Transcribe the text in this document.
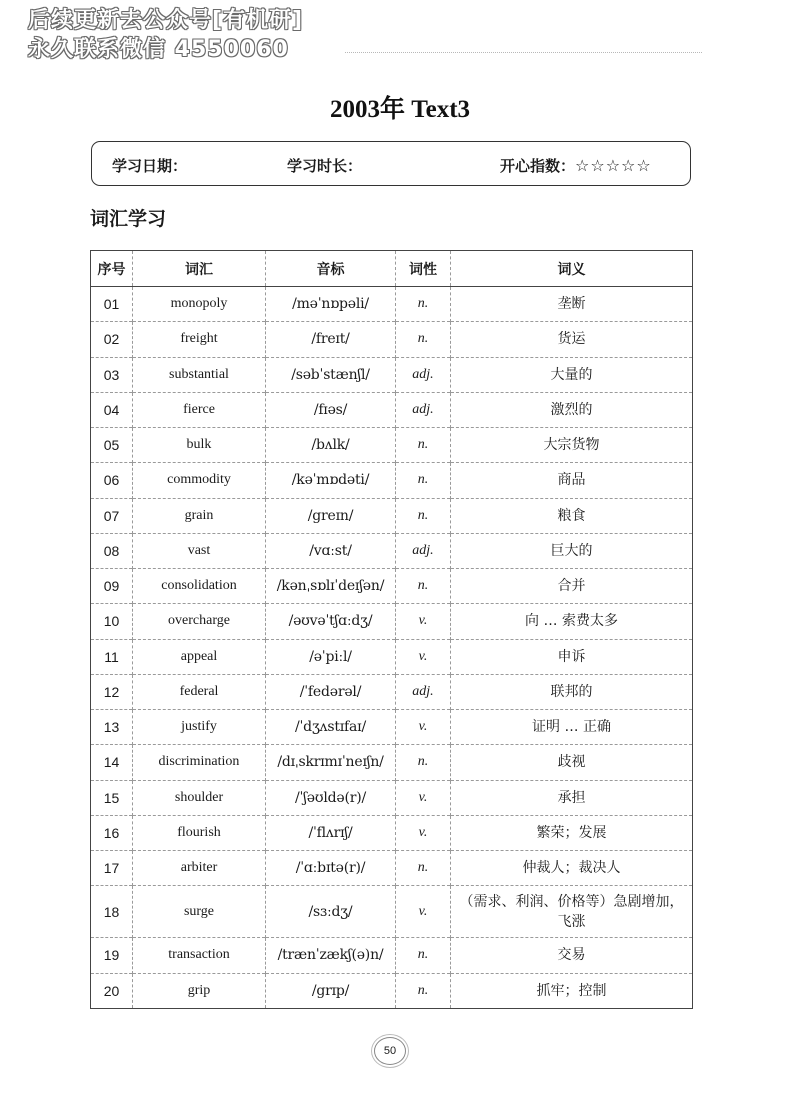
后续更新去公众号[有机研]
永久联系微信 4550060
2003年 Text3
学习日期：	学习时长：	开心指数：☆☆☆☆☆
词汇学习
序号	词汇	音标	词性	词义
01	monopoly	/məˈnɒpəli/	n.	垄断
02	freight	/freɪt/	n.	货运
03	substantial	/səbˈstænʃl/	adj.	大量的
04	fierce	/fɪəs/	adj.	激烈的
05	bulk	/bʌlk/	n.	大宗货物
06	commodity	/kəˈmɒdəti/	n.	商品
07	grain	/greɪn/	n.	粮食
08	vast	/vɑːst/	adj.	巨大的
09	consolidation	/kənˌsɒlɪˈdeɪʃən/	n.	合并
10	overcharge	/əʊvəˈtʃɑːdʒ/	v.	向 … 索费太多
11	appeal	/əˈpiːl/	v.	申诉
12	federal	/ˈfedərəl/	adj.	联邦的
13	justify	/ˈdʒʌstɪfaɪ/	v.	证明 … 正确
14	discrimination	/dɪˌskrɪmɪˈneɪʃn/	n.	歧视
15	shoulder	/ˈʃəʊldə(r)/	v.	承担
16	flourish	/ˈflʌrɪʃ/	v.	繁荣；发展
17	arbiter	/ˈɑːbɪtə(r)/	n.	仲裁人；裁决人
18	surge	/sɜːdʒ/	v.	（需求、利润、价格等）急剧增加，飞涨
19	transaction	/trænˈzækʃ(ə)n/	n.	交易
20	grip	/grɪp/	n.	抓牢；控制
50
